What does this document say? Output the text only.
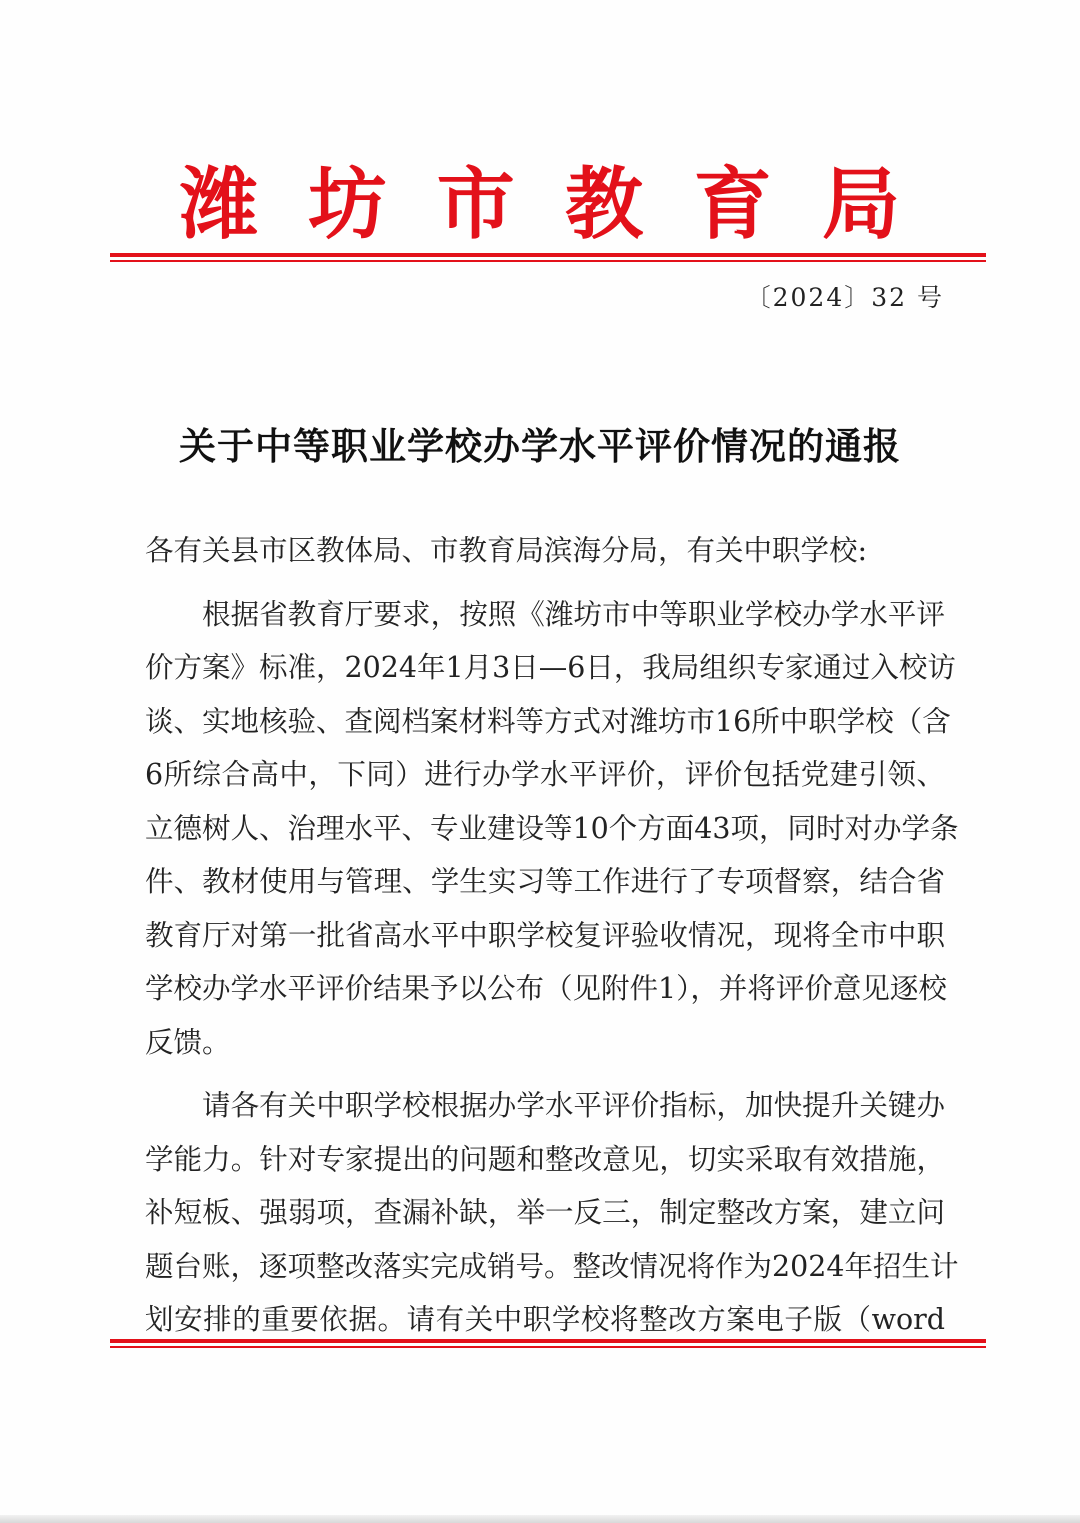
潍 坊 市 教 育 局
〔2024〕32 号
关于中等职业学校办学水平评价情况的通报
各有关县市区教体局、市教育局滨海分局，有关中职学校:
根据省教育厅要求，按照《潍坊市中等职业学校办学水平评
价方案》标准，2024年1月3日—6日，我局组织专家通过入校访
谈、实地核验、查阅档案材料等方式对潍坊市16所中职学校（含
6所综合高中，下同）进行办学水平评价，评价包括党建引领、
立德树人、治理水平、专业建设等10个方面43项，同时对办学条
件、教材使用与管理、学生实习等工作进行了专项督察，结合省
教育厅对第一批省高水平中职学校复评验收情况，现将全市中职
学校办学水平评价结果予以公布（见附件1），并将评价意见逐校
反馈。
请各有关中职学校根据办学水平评价指标，加快提升关键办
学能力。针对专家提出的问题和整改意见，切实采取有效措施，
补短板、强弱项，查漏补缺，举一反三，制定整改方案，建立问
题台账，逐项整改落实完成销号。整改情况将作为2024年招生计
划安排的重要依据。请有关中职学校将整改方案电子版（word
